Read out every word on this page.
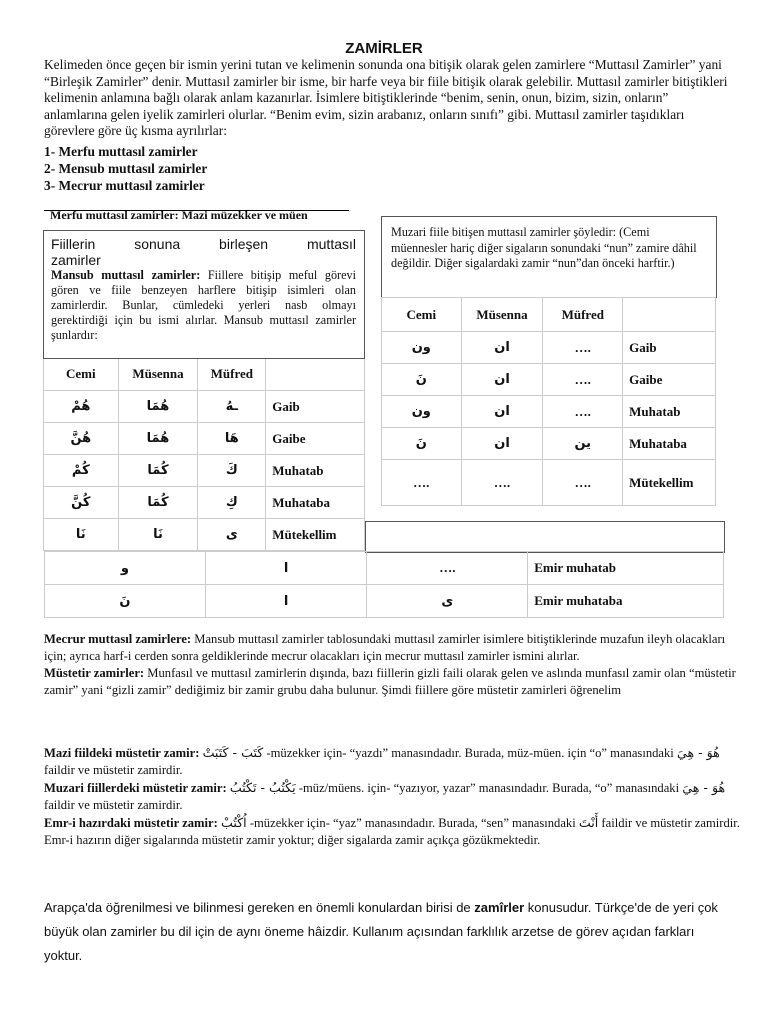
ZAMİRLER
Kelimeden önce geçen bir ismin yerini tutan ve kelimenin sonunda ona bitişik olarak gelen zamirlere “Muttasıl Zamirler” yani “Birleşik Zamirler” denir. Muttasıl zamirler bir isme, bir harfe veya bir fiile bitişik olarak gelebilir. Muttasıl zamirler bitiştikleri kelimenin anlamına bağlı olarak anlam kazanırlar. İsimlere bitiştiklerinde “benim, senin, onun, bizim, sizin, onların” anlamlarına gelen iyelik zamirleri olurlar. “Benim evim, sizin arabanız, onların sınıfı” gibi. Muttasıl zamirler taşıdıkları görevlere göre üç kısma ayrılırlar:
1- Merfu muttasıl zamirler
2- Mensub muttasıl zamirler
3- Mecrur muttasıl zamirler
Merfu muttasıl zamirler: Mazi müzekker ve müen
Cemi	Müsenna	Müfred	
هُمْ	هُمَا	ـهُ	Gaib
هُنَّ	هُمَا	هَا	Gaibe
كُمْ	كُمَا	كَ	Muhatab
كُنَّ	كُمَا	كِ	Muhataba
نَا	نَا	ى	Mütekellim
Fiillerin sonuna birleşen muttasıl
zamirler
Mansub muttasıl zamirler: Fiillere bitişip meful görevi gören ve fiile benzeyen harflere bitişip isimleri olan zamirlerdir. Bunlar, cümledeki yerleri nasb olmayı gerektirdiği için bu ismi alırlar. Mansub muttasıl zamirler şunlardır:
Muzari fiile bitişen muttasıl zamirler şöyledir: (Cemi müennesler hariç diğer sigaların sonundaki “nun” zamire dâhil değildir. Diğer sigalardaki zamir “nun”dan önceki harftir.)
Cemi	Müsenna	Müfred	
ون	ان	….	Gaib
نَ	ان	….	Gaibe
ون	ان	….	Muhatab
نَ	ان	ين	Muhataba
….	….	….	Mütekellim
و	ا	….	Emir muhatab
نَ	ا	ى	Emir muhataba
Mecrur muttasıl zamirlere: Mansub muttasıl zamirler tablosundaki muttasıl zamirler isimlere bitiştiklerinde muzafun ileyh olacakları için; ayrıca harf-i cerden sonra geldiklerinde mecrur olacakları için mecrur muttasıl zamirler ismini alırlar.
Müstetir zamirler: Munfasıl ve muttasıl zamirlerin dışında, bazı fiillerin gizli faili olarak gelen ve aslında munfasıl zamir olan “müstetir zamir” yani “gizli zamir” dediğimiz bir zamir grubu daha bulunur. Şimdi fiillere göre müstetir zamirleri öğrenelim
Mazi fiildeki müstetir zamir: كَتَبَ - كَتَبَتْ -müzekker için- “yazdı” manasındadır. Burada, müz-müen. için “o” manasındaki هُوَ - هِيَ faildir ve müstetir zamirdir.
Muzari fiillerdeki müstetir zamir: يَكْتُبُ - تَكْتُبُ -müz/müens. için- “yazıyor, yazar” manasındadır. Burada, “o” manasındaki هُوَ - هِيَ faildir ve müstetir zamirdir.
Emr-i hazırdaki müstetir zamir: اُكْتُبْ -müzekker için- “yaz” manasındadır. Burada, “sen” manasındaki أَنْتَ faildir ve müstetir zamirdir. Emr-i hazırın diğer sigalarında müstetir zamir yoktur; diğer sigalarda zamir açıkça gözükmektedir.
Arapça'da öğrenilmesi ve bilinmesi gereken en önemli konulardan birisi de zamîrler konusudur. Türkçe'de de yeri çok büyük olan zamirler bu dil için de aynı öneme hâizdir. Kullanım açısından farklılık arzetse de görev açıdan farkları yoktur.
